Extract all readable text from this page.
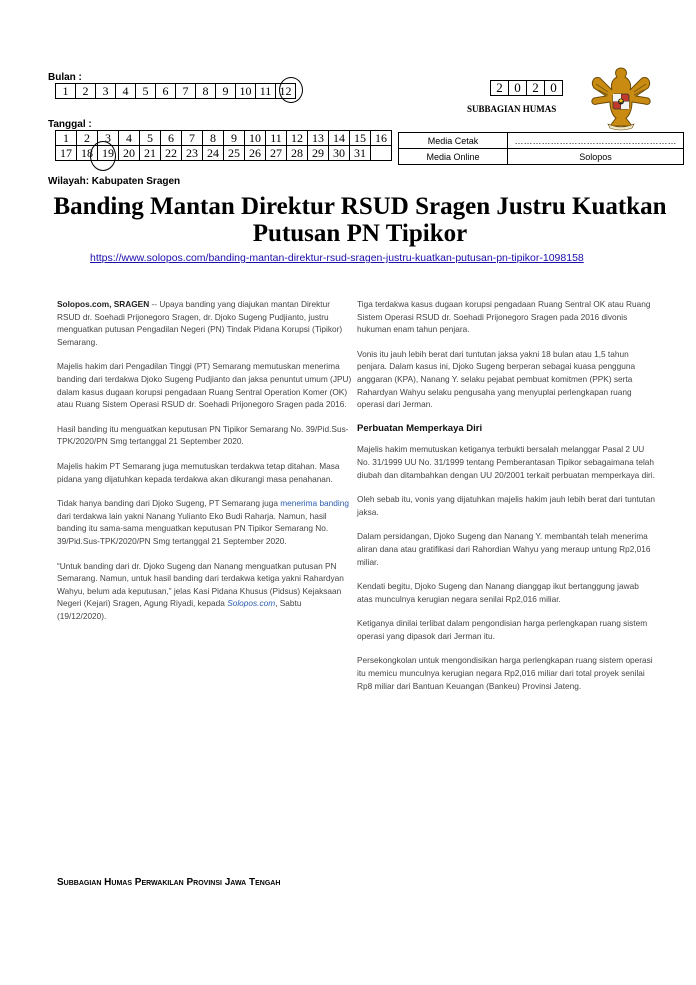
Bulan :
1	2	3	4	5	6	7	8	9	10	11	12
Tanggal :
1	2	3	4	5	6	7	8	9	10	11	12	13	14	15	16
17	18	19	20	21	22	23	24	25	26	27	28	29	30	31	
Wilayah: Kabupaten Sragen
2	0	2	0
SUBBAGIAN HUMAS
Media Cetak	………………………………………………
Media Online	Solopos
Banding Mantan Direktur RSUD Sragen Justru Kuatkan Putusan PN Tipikor
https://www.solopos.com/banding-mantan-direktur-rsud-sragen-justru-kuatkan-putusan-pn-tipikor-1098158

Solopos.com, SRAGEN -- Upaya banding yang diajukan mantan Direktur RSUD dr. Soehadi Prijonegoro Sragen, dr. Djoko Sugeng Pudjianto, justru menguatkan putusan Pengadilan Negeri (PN) Tindak Pidana Korupsi (Tipikor) Semarang.

Majelis hakim dari Pengadilan Tinggi (PT) Semarang memutuskan menerima banding dari terdakwa Djoko Sugeng Pudjianto dan jaksa penuntut umum (JPU) dalam kasus dugaan korupsi pengadaan Ruang Sentral Operation Komer (OK) atau Ruang Sistem Operasi RSUD dr. Soehadi Prijonegoro Sragen pada 2016.

Hasil banding itu menguatkan keputusan PN Tipikor Semarang No. 39/Pid.Sus-TPK/2020/PN Smg tertanggal 21 September 2020.

Majelis hakim PT Semarang juga memutuskan terdakwa tetap ditahan. Masa pidana yang dijatuhkan kepada terdakwa akan dikurangi masa penahanan.

Tidak hanya banding dari Djoko Sugeng, PT Semarang juga menerima banding dari terdakwa lain yakni Nanang Yulianto Eko Budi Raharja. Namun, hasil banding itu sama-sama menguatkan keputusan PN Tipikor Semarang No. 39/Pid.Sus-TPK/2020/PN Smg tertanggal 21 September 2020.

“Untuk banding dari dr. Djoko Sugeng dan Nanang menguatkan putusan PN Semarang. Namun, untuk hasil banding dari terdakwa ketiga yakni Rahardyan Wahyu, belum ada keputusan,” jelas Kasi Pidana Khusus (Pidsus) Kejaksaan Negeri (Kejari) Sragen, Agung Riyadi, kepada Solopos.com, Sabtu (19/12/2020).

Tiga terdakwa kasus dugaan korupsi pengadaan Ruang Sentral OK atau Ruang Sistem Operasi RSUD dr. Soehadi Prijonegoro Sragen pada 2016 divonis hukuman enam tahun penjara.

Vonis itu jauh lebih berat dari tuntutan jaksa yakni 18 bulan atau 1,5 tahun penjara. Dalam kasus ini, Djoko Sugeng berperan sebagai kuasa pengguna anggaran (KPA), Nanang Y. selaku pejabat pembuat komitmen (PPK) serta Rahardyan Wahyu selaku pengusaha yang menyuplai perlengkapan ruang operasi dari Jerman.

Perbuatan Memperkaya Diri

Majelis hakim memutuskan ketiganya terbukti bersalah melanggar Pasal 2 UU No. 31/1999 UU No. 31/1999 tentang Pemberantasan Tipikor sebagaimana telah diubah dan ditambahkan dengan UU 20/2001 terkait perbuatan memperkaya diri.

Oleh sebab itu, vonis yang dijatuhkan majelis hakim jauh lebih berat dari tuntutan jaksa.

Dalam persidangan, Djoko Sugeng dan Nanang Y. membantah telah menerima aliran dana atau gratifikasi dari Rahordian Wahyu yang meraup untung Rp2,016 miliar.

Kendati begitu, Djoko Sugeng dan Nanang dianggap ikut bertanggung jawab atas munculnya kerugian negara senilai Rp2,016 miliar.

Ketiganya dinilai terlibat dalam pengondisian harga perlengkapan ruang sistem operasi yang dipasok dari Jerman itu.

Persekongkolan untuk mengondisikan harga perlengkapan ruang sistem operasi itu memicu munculnya kerugian negara Rp2,016 miliar dari total proyek senilai Rp8 miliar dari Bantuan Keuangan (Bankeu) Provinsi Jateng.

Subbagian Humas Perwakilan Provinsi Jawa Tengah
